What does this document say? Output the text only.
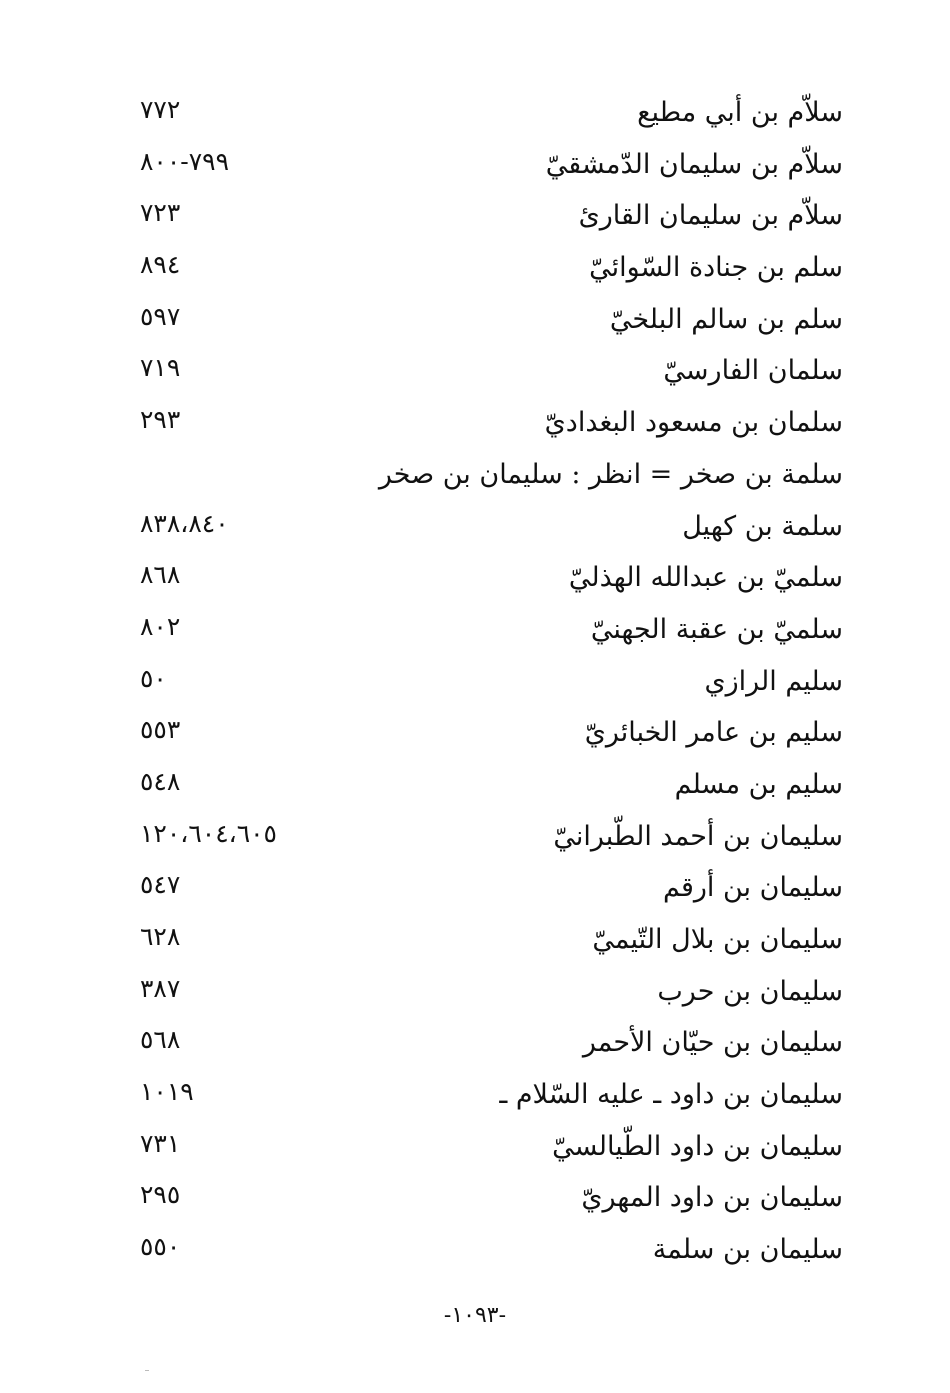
سلاّم بن أبي مطيع
٧٧٢
سلاّم بن سليمان الدّمشقيّ
٧٩٩-٨٠٠
سلاّم بن سليمان القارئ
٧٢٣
سلم بن جنادة السّوائيّ
٨٩٤
سلم بن سالم البلخيّ
٥٩٧
سلمان الفارسيّ
٧١٩
سلمان بن مسعود البغداديّ
٢٩٣
سلمة بن صخر = انظر : سليمان بن صخر
سلمة بن كهيل
٨٣٨،٨٤٠
سلميّ بن عبدالله الهذليّ
٨٦٨
سلميّ بن عقبة الجهنيّ
٨٠٢
سليم الرازي
٥٠
سليم بن عامر الخبائريّ
٥٥٣
سليم بن مسلم
٥٤٨
سليمان بن أحمد الطّبرانيّ
١٢٠،٦٠٤،٦٠٥
سليمان بن أرقم
٥٤٧
سليمان بن بلال التّيميّ
٦٢٨
سليمان بن حرب
٣٨٧
سليمان بن حيّان الأحمر
٥٦٨
سليمان بن داود ـ عليه السّلام ـ
١٠١٩
سليمان بن داود الطّيالسيّ
٧٣١
سليمان بن داود المهريّ
٢٩٥
سليمان بن سلمة
٥٥٠
-١٠٩٣-
